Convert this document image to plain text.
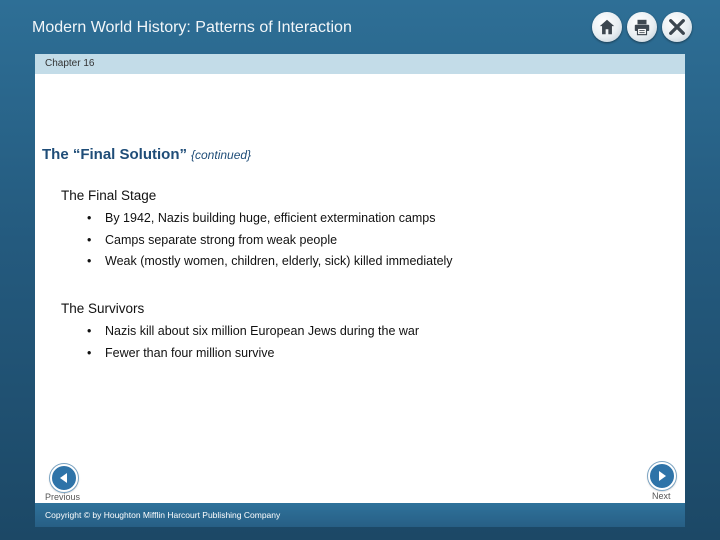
Modern World History: Patterns of Interaction
Chapter 16
The “Final Solution” {continued}
The Final Stage
• By 1942, Nazis building huge, efficient extermination camps
• Camps separate strong from weak people
• Weak (mostly women, children, elderly, sick) killed immediately
The Survivors
• Nazis kill about six million European Jews during the war
• Fewer than four million survive
Previous	Next
Copyright © by Houghton Mifflin Harcourt Publishing Company
